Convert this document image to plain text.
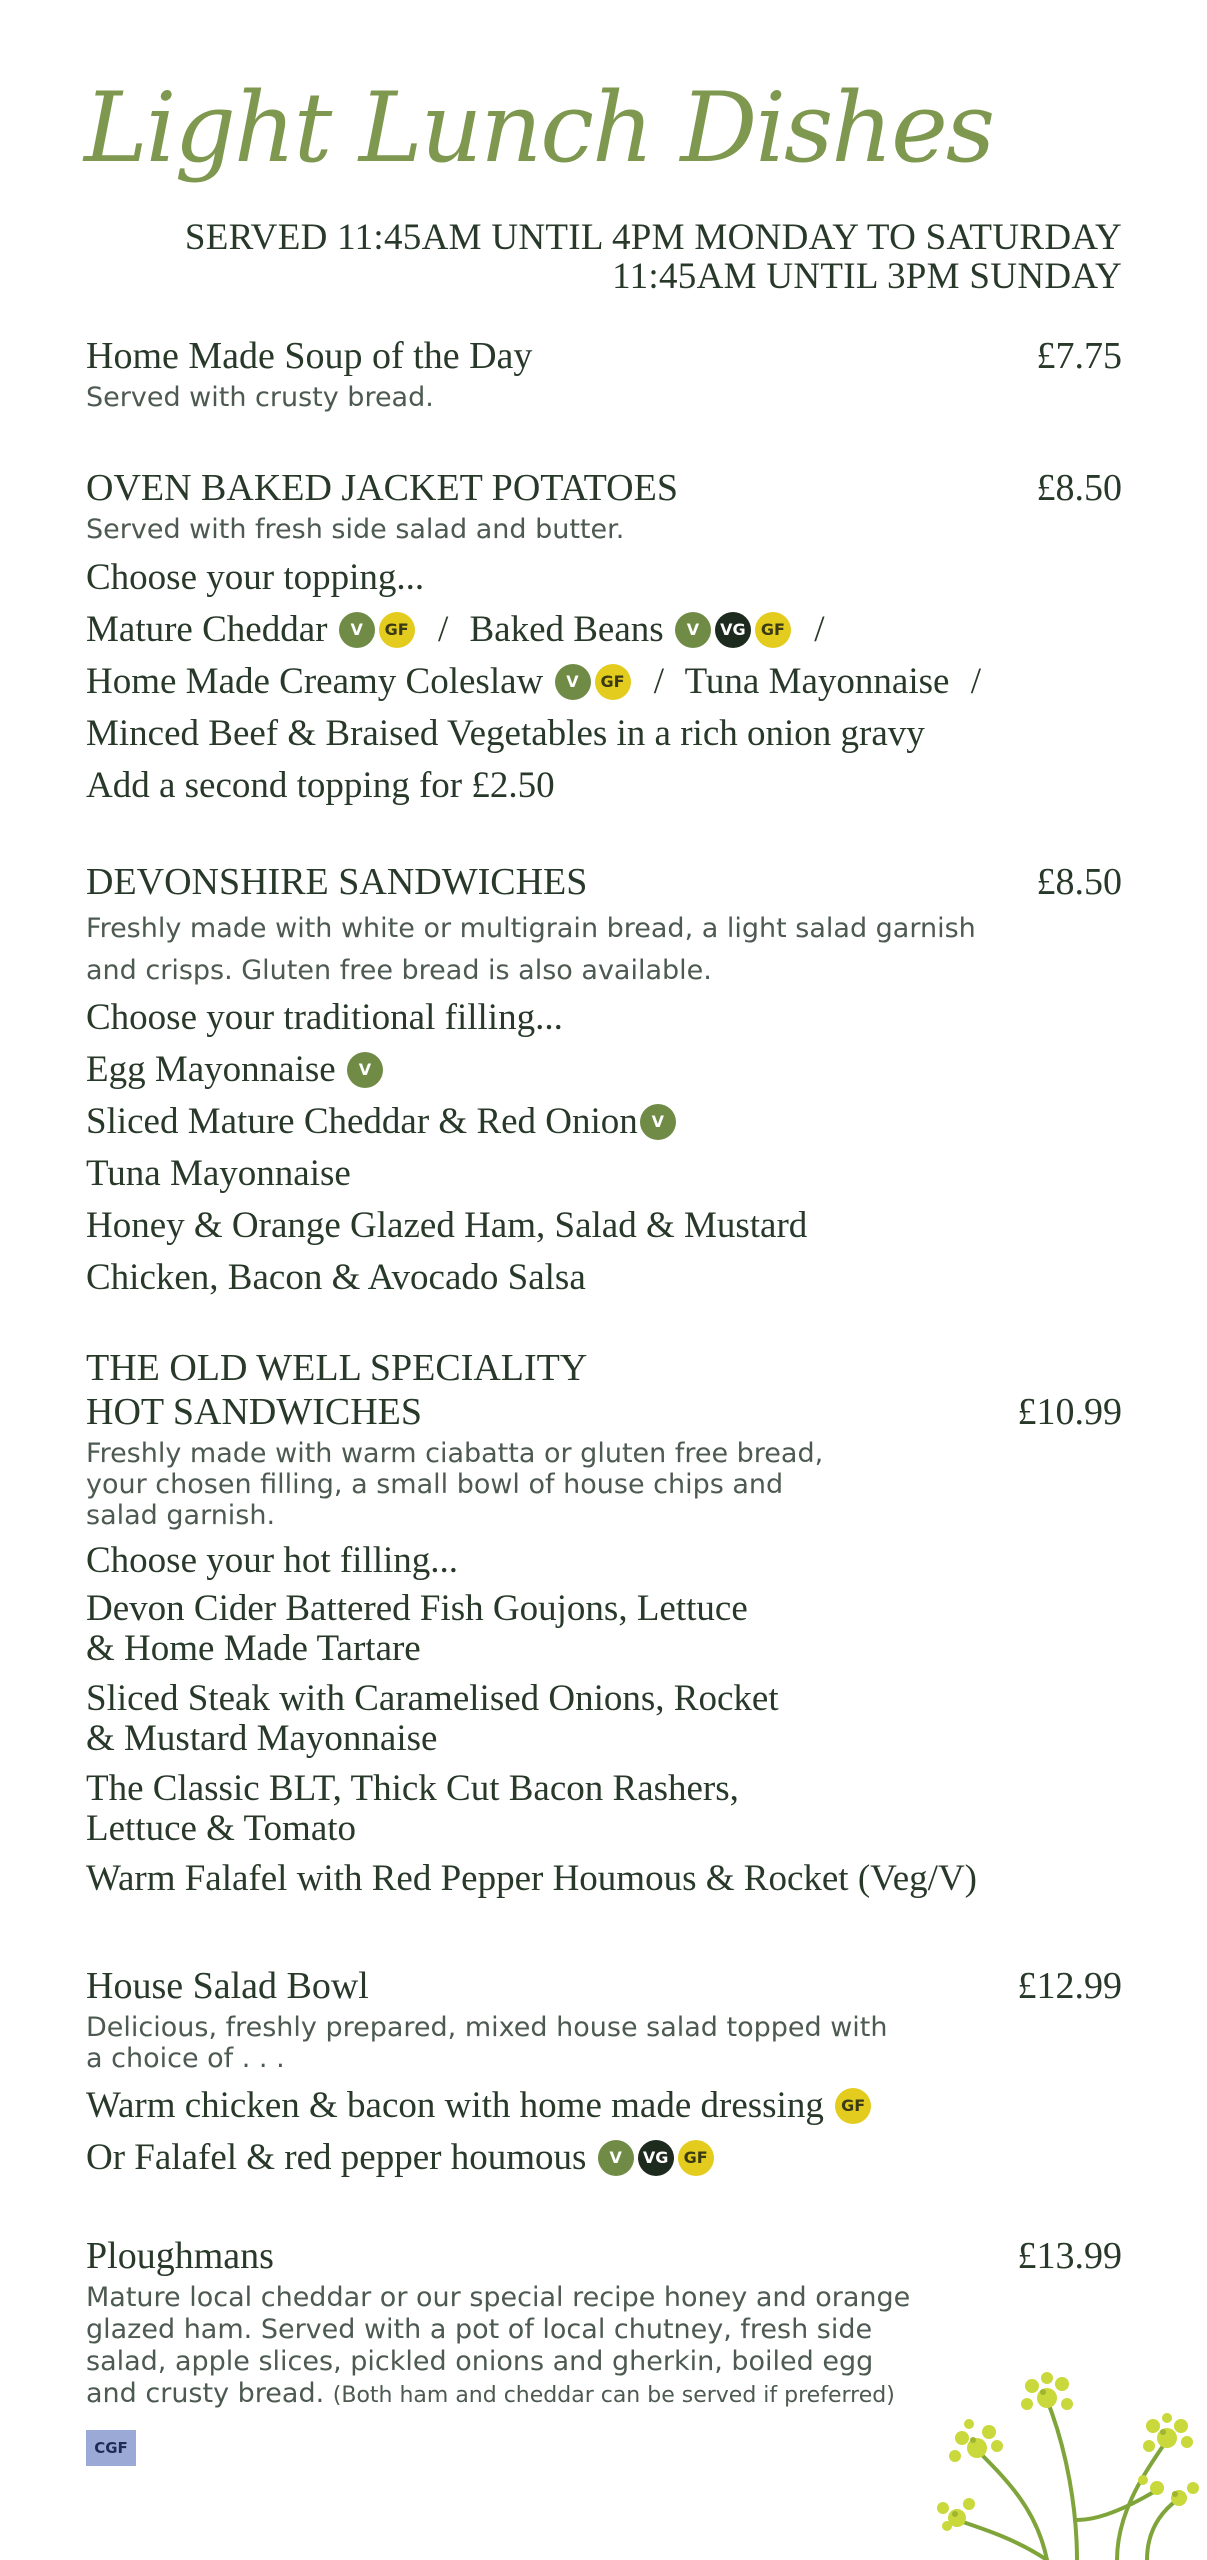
Light Lunch Dishes
SERVED 11:45AM UNTIL 4PM MONDAY TO SATURDAY
11:45AM UNTIL 3PM SUNDAY
Home Made Soup of the Day	£7.75
Served with crusty bread.
OVEN BAKED JACKET POTATOES	£8.50
Served with fresh side salad and butter.
Choose your topping...
Mature Cheddar V GF / Baked Beans V VG GF /
Home Made Creamy Coleslaw V GF / Tuna Mayonnaise /
Minced Beef & Braised Vegetables in a rich onion gravy
Add a second topping for £2.50
DEVONSHIRE SANDWICHES	£8.50
Freshly made with white or multigrain bread, a light salad garnish
and crisps. Gluten free bread is also available.
Choose your traditional filling...
Egg Mayonnaise V
Sliced Mature Cheddar & Red Onion V
Tuna Mayonnaise
Honey & Orange Glazed Ham, Salad & Mustard
Chicken, Bacon & Avocado Salsa
THE OLD WELL SPECIALITY
HOT SANDWICHES	£10.99
Freshly made with warm ciabatta or gluten free bread,
your chosen filling, a small bowl of house chips and
salad garnish.
Choose your hot filling...
Devon Cider Battered Fish Goujons, Lettuce
& Home Made Tartare
Sliced Steak with Caramelised Onions, Rocket
& Mustard Mayonnaise
The Classic BLT, Thick Cut Bacon Rashers,
Lettuce & Tomato
Warm Falafel with Red Pepper Houmous & Rocket (Veg/V)
House Salad Bowl	£12.99
Delicious, freshly prepared, mixed house salad topped with
a choice of . . .
Warm chicken & bacon with home made dressing GF
Or Falafel & red pepper houmous V VG GF
Ploughmans	£13.99
Mature local cheddar or our special recipe honey and orange
glazed ham. Served with a pot of local chutney, fresh side
salad, apple slices, pickled onions and gherkin, boiled egg
and crusty bread. (Both ham and cheddar can be served if preferred)
CGF
